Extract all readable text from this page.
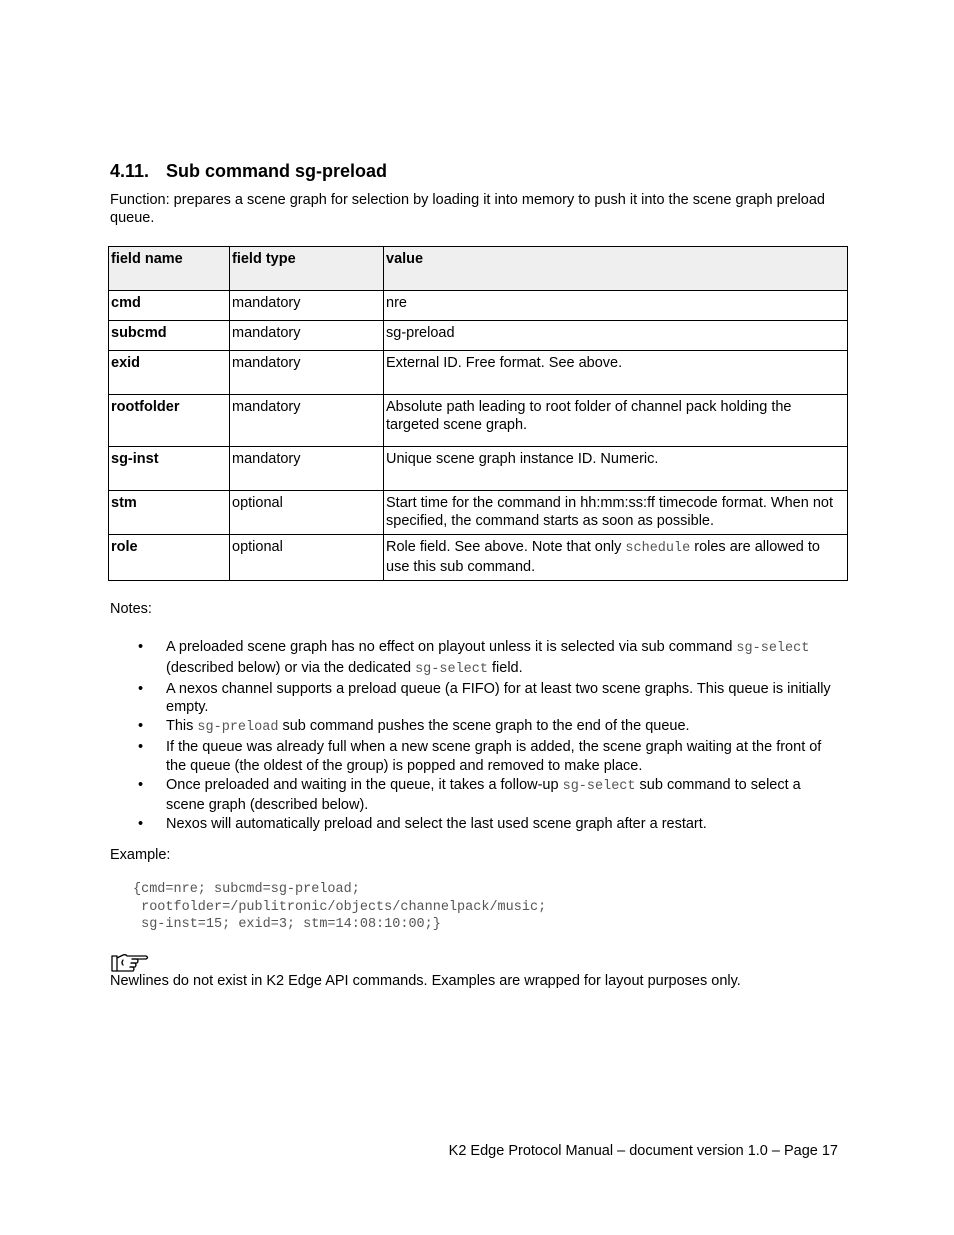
4.11. Sub command sg-preload

Function: prepares a scene graph for selection by loading it into memory to push it into the scene graph preload queue.

field name	field type	value
cmd	mandatory	nre
subcmd	mandatory	sg-preload
exid	mandatory	External ID. Free format. See above.
rootfolder	mandatory	Absolute path leading to root folder of channel pack holding the targeted scene graph.
sg-inst	mandatory	Unique scene graph instance ID. Numeric.
stm	optional	Start time for the command in hh:mm:ss:ff timecode format. When not specified, the command starts as soon as possible.
role	optional	Role field. See above. Note that only schedule roles are allowed to use this sub command.

Notes:

• A preloaded scene graph has no effect on playout unless it is selected via sub command sg-select (described below) or via the dedicated sg-select field.
• A nexos channel supports a preload queue (a FIFO) for at least two scene graphs. This queue is initially empty.
• This sg-preload sub command pushes the scene graph to the end of the queue.
• If the queue was already full when a new scene graph is added, the scene graph waiting at the front of the queue (the oldest of the group) is popped and removed to make place.
• Once preloaded and waiting in the queue, it takes a follow-up sg-select sub command to select a scene graph (described below).
• Nexos will automatically preload and select the last used scene graph after a restart.

Example:

{cmd=nre; subcmd=sg-preload;
rootfolder=/publitronic/objects/channelpack/music;
sg-inst=15; exid=3; stm=14:08:10:00;}

Newlines do not exist in K2 Edge API commands. Examples are wrapped for layout purposes only.

K2 Edge Protocol Manual – document version 1.0 – Page 17
